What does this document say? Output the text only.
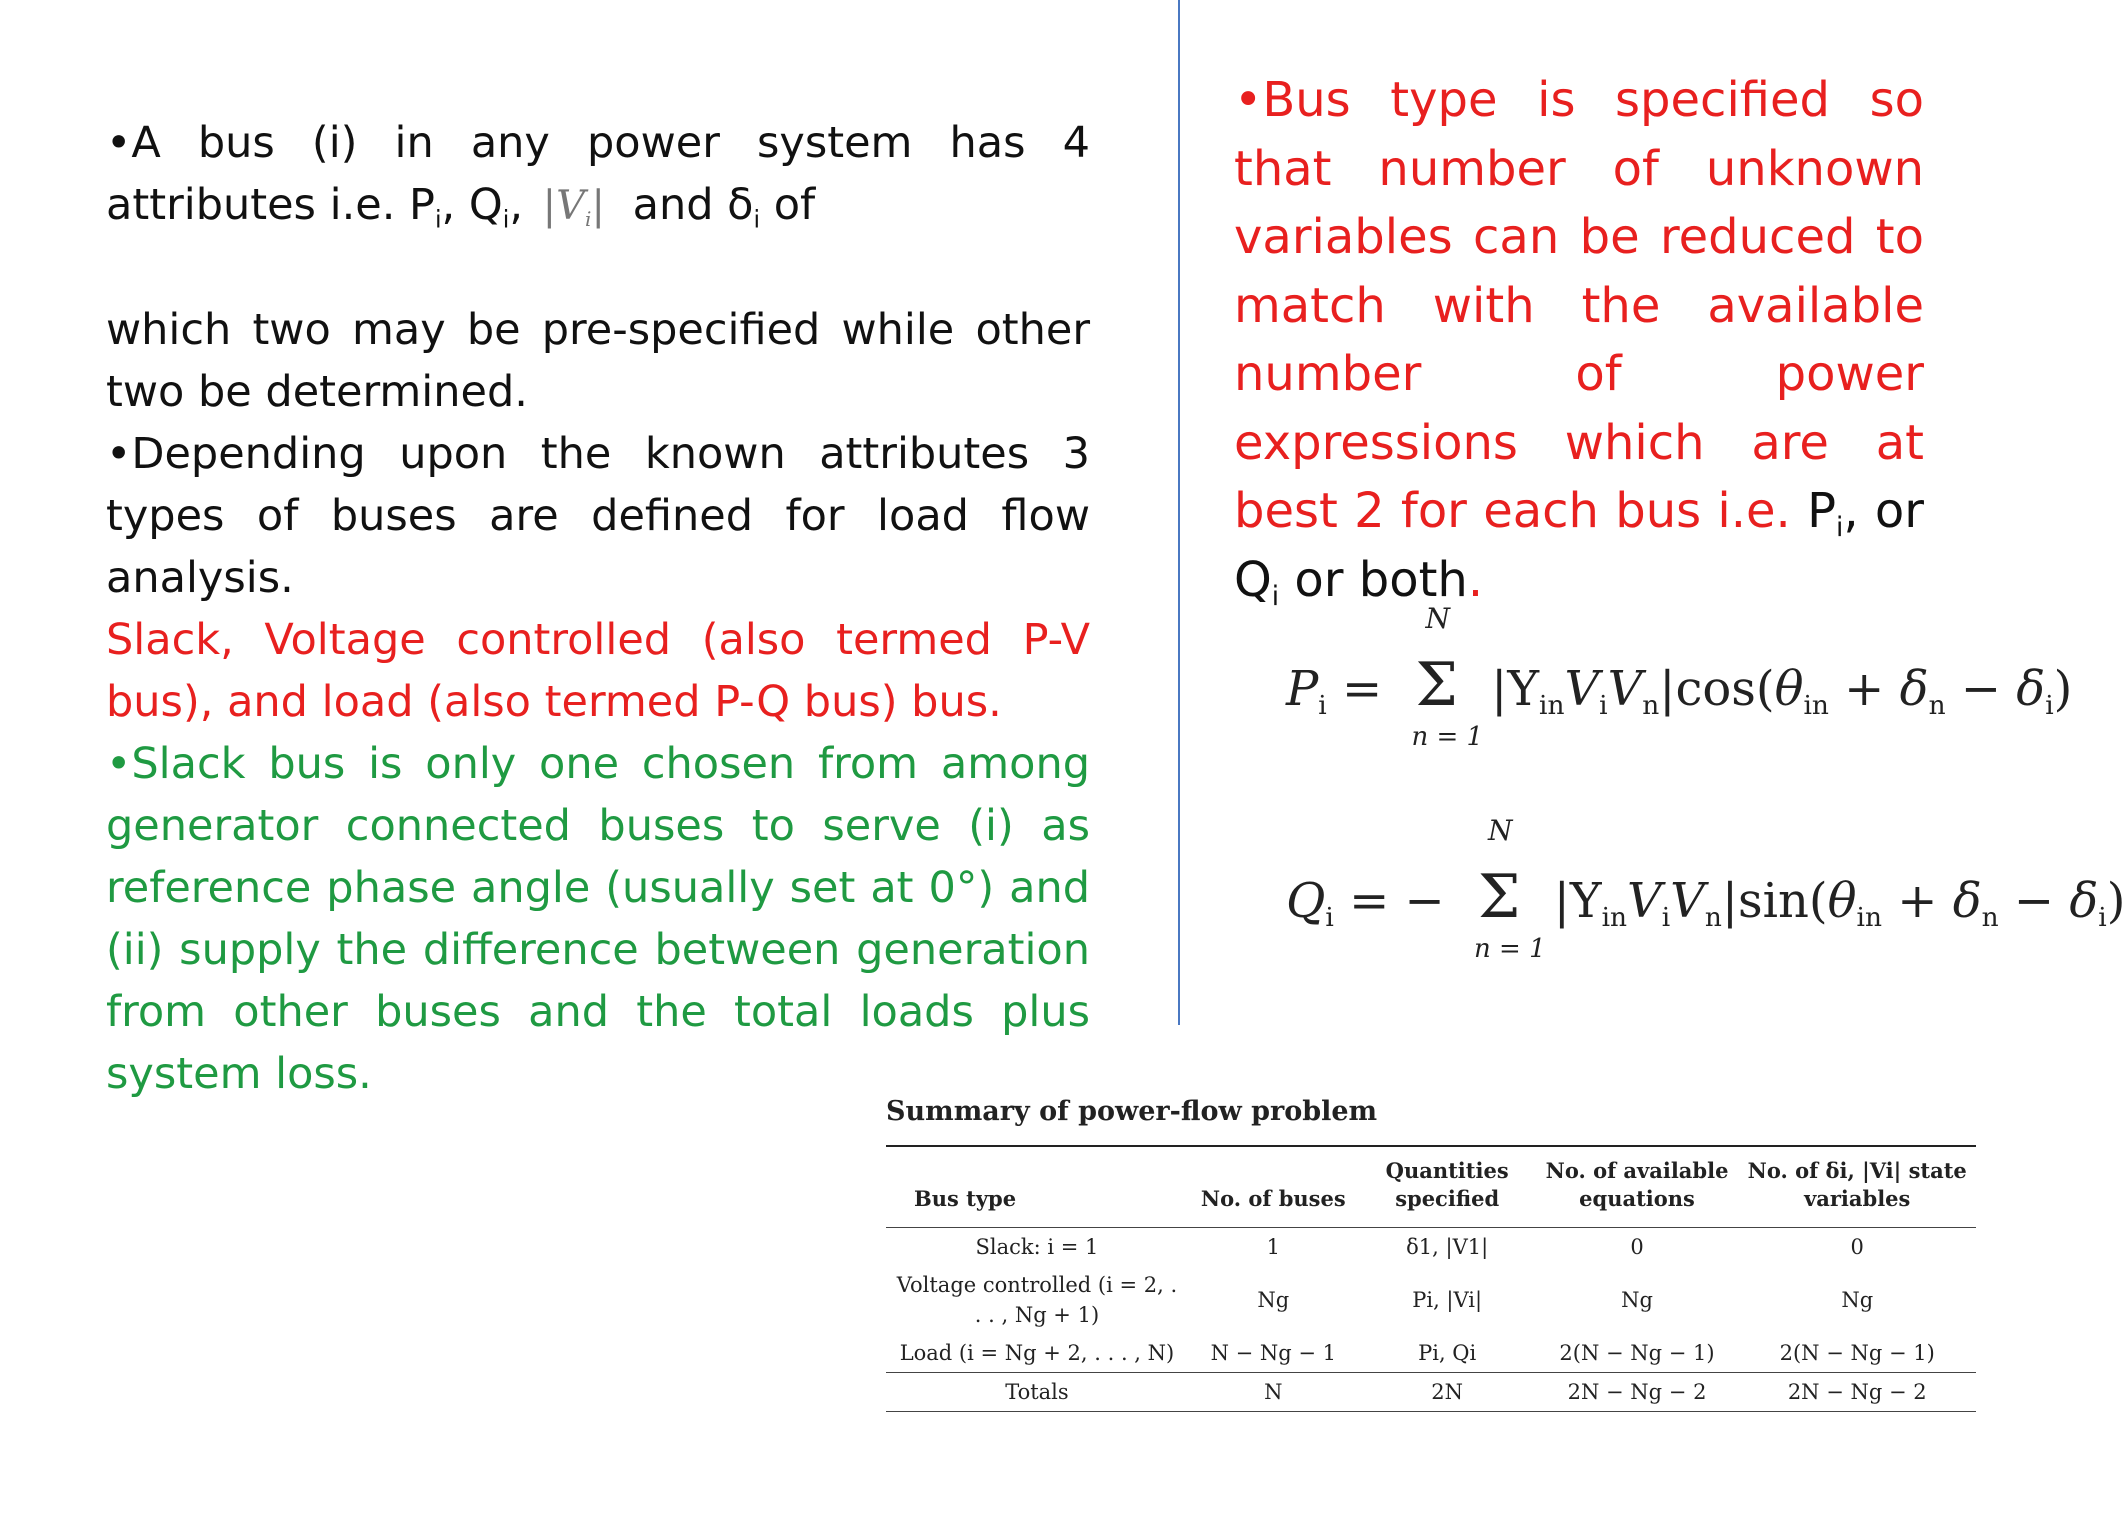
•A bus (i) in any power system has 4 attributes i.e. $P_i$, $Q_i$, $|V_i|$ and $\delta_i$ of

which two may be pre-specified while other two be determined.

•Depending upon the known attributes 3 types of buses are defined for load flow analysis.

Slack, Voltage controlled (also termed P-V bus), and load (also termed P-Q bus) bus.

•Slack bus is only one chosen from among generator connected buses to serve (i) as reference phase angle (usually set at 0°) and (ii) supply the difference between generation from other buses and the total loads plus system loss.

•Bus type is specified so that number of unknown variables can be reduced to match with the available number of power expressions which are at best 2 for each bus i.e. $P_i$, or $Q_i$ or both.

$P_i$ =
N
Σ
n = 1
$|Y_{in}V_iV_n|\cos(\theta_{in} + \delta_n - \delta_i)$
$Q_i$ = −
N
Σ
n = 1
$|Y_{in}V_iV_n|\sin(\theta_{in} + \delta_n - \delta_i)$
Summary of power-flow problem
Bus type	No. of buses	Quantities specified	No. of available equations	No. of δi, |Vi| state variables

Slack: i = 1	1	δ1, |V1|	0	0
Voltage controlled (i = 2, . . . , Ng + 1)	Ng	Pi, |Vi|	Ng	Ng
Load (i = Ng + 2, . . . , N)	N − Ng − 1	Pi, Qi	2(N − Ng − 1)	2(N − Ng − 1)

Totals	N	2N	2N − Ng − 2	2N − Ng − 2
